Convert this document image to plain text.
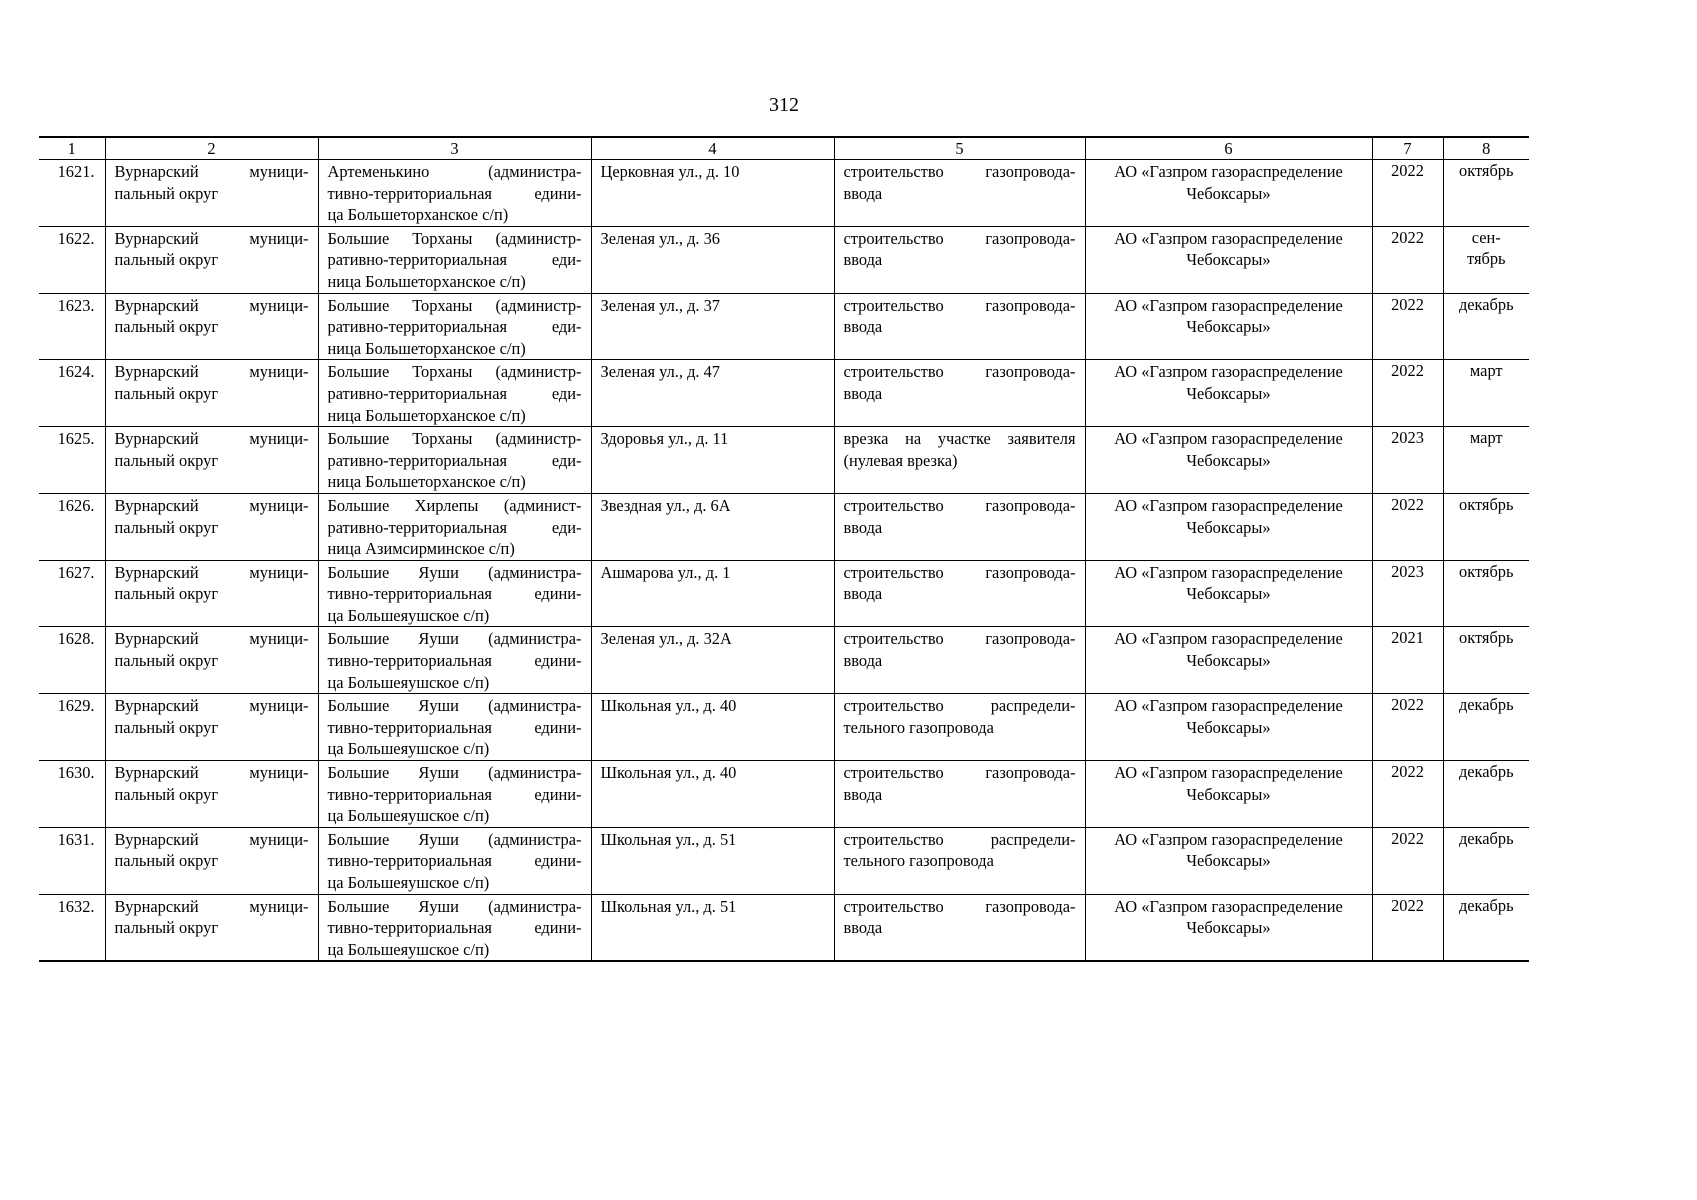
312
1	2	3	4	5	6	7	8
1621.	Вурнарский муници-
пальный округ	Артеменькино (администра-
тивно-территориальная едини-
ца Большеторханское с/п)	Церковная ул., д. 10	строительство газопровода-
ввода	АО «Газпром газораспределение
Чебоксары»	2022	октябрь

1622.	Вурнарский муници-
пальный округ	Большие Торханы (администр-
ративно-территориальная еди-
ница Большеторханское с/п)	Зеленая ул., д. 36	строительство газопровода-
ввода	АО «Газпром газораспределение
Чебоксары»	2022	сен-
тябрь

1623.	Вурнарский муници-
пальный округ	Большие Торханы (администр-
ративно-территориальная еди-
ница Большеторханское с/п)	Зеленая ул., д. 37	строительство газопровода-
ввода	АО «Газпром газораспределение
Чебоксары»	2022	декабрь

1624.	Вурнарский муници-
пальный округ	Большие Торханы (администр-
ративно-территориальная еди-
ница Большеторханское с/п)	Зеленая ул., д. 47	строительство газопровода-
ввода	АО «Газпром газораспределение
Чебоксары»	2022	март

1625.	Вурнарский муници-
пальный округ	Большие Торханы (администр-
ративно-территориальная еди-
ница Большеторханское с/п)	Здоровья ул., д. 11	врезка на участке заявителя
(нулевая врезка)	АО «Газпром газораспределение
Чебоксары»	2023	март

1626.	Вурнарский муници-
пальный округ	Большие Хирлепы (админист-
ративно-территориальная еди-
ница Азимсирминское с/п)	Звездная ул., д. 6А	строительство газопровода-
ввода	АО «Газпром газораспределение
Чебоксары»	2022	октябрь

1627.	Вурнарский муници-
пальный округ	Большие Яуши (администра-
тивно-территориальная едини-
ца Большеяушское с/п)	Ашмарова ул., д. 1	строительство газопровода-
ввода	АО «Газпром газораспределение
Чебоксары»	2023	октябрь

1628.	Вурнарский муници-
пальный округ	Большие Яуши (администра-
тивно-территориальная едини-
ца Большеяушское с/п)	Зеленая ул., д. 32А	строительство газопровода-
ввода	АО «Газпром газораспределение
Чебоксары»	2021	октябрь

1629.	Вурнарский муници-
пальный округ	Большие Яуши (администра-
тивно-территориальная едини-
ца Большеяушское с/п)	Школьная ул., д. 40	строительство распредели-
тельного газопровода	АО «Газпром газораспределение
Чебоксары»	2022	декабрь

1630.	Вурнарский муници-
пальный округ	Большие Яуши (администра-
тивно-территориальная едини-
ца Большеяушское с/п)	Школьная ул., д. 40	строительство газопровода-
ввода	АО «Газпром газораспределение
Чебоксары»	2022	декабрь

1631.	Вурнарский муници-
пальный округ	Большие Яуши (администра-
тивно-территориальная едини-
ца Большеяушское с/п)	Школьная ул., д. 51	строительство распредели-
тельного газопровода	АО «Газпром газораспределение
Чебоксары»	2022	декабрь

1632.	Вурнарский муници-
пальный округ	Большие Яуши (администра-
тивно-территориальная едини-
ца Большеяушское с/п)	Школьная ул., д. 51	строительство газопровода-
ввода	АО «Газпром газораспределение
Чебоксары»	2022	декабрь
